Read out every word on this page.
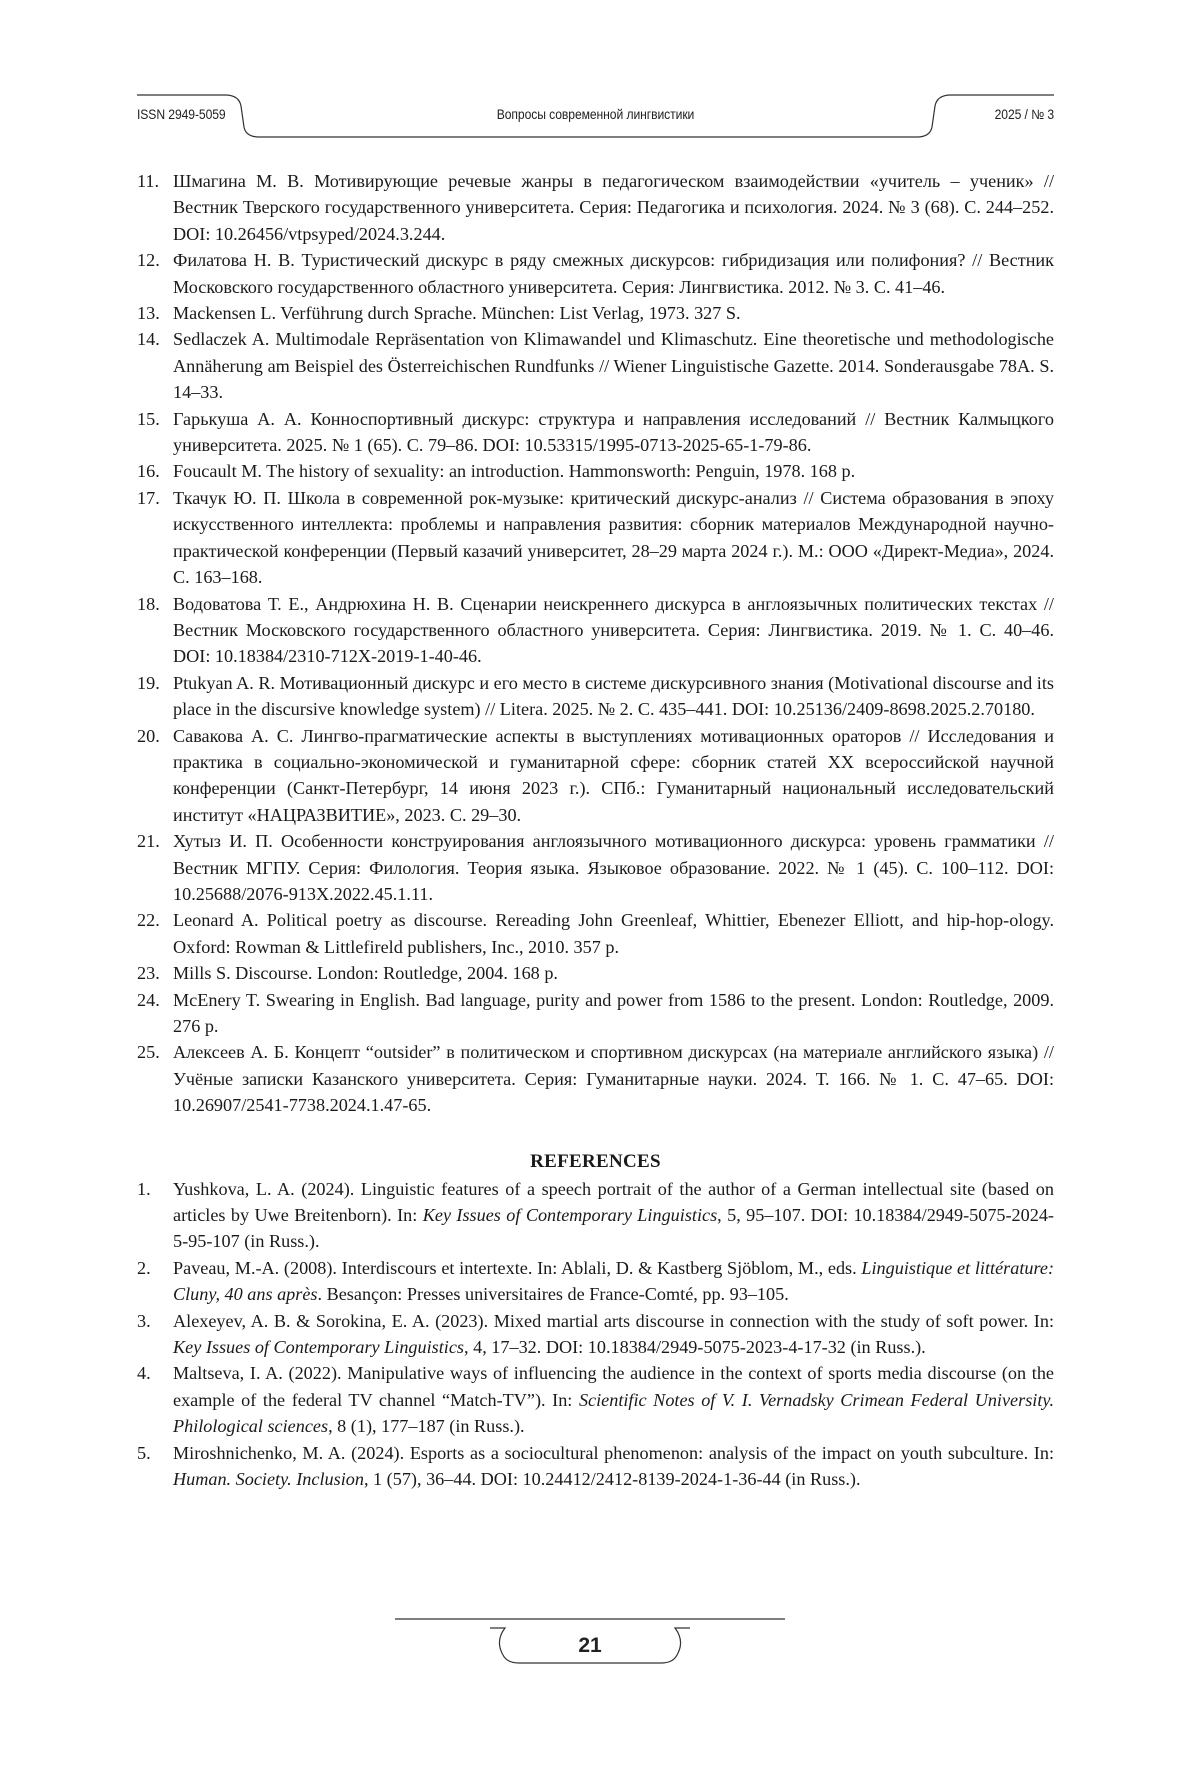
ISSN 2949-5059	Вопросы современной лингвистики	2025 / № 3
11. Шмагина М. В. Мотивирующие речевые жанры в педагогическом взаимодействии «учитель – ученик» // Вестник Тверского государственного университета. Серия: Педагогика и психология. 2024. № 3 (68). С. 244–252. DOI: 10.26456/vtpsyped/2024.3.244.
12. Филатова Н. В. Туристический дискурс в ряду смежных дискурсов: гибридизация или полифония? // Вестник Московского государственного областного университета. Серия: Лингвистика. 2012. № 3. С. 41–46.
13. Mackensen L. Verführung durch Sprache. München: List Verlag, 1973. 327 S.
14. Sedlaczek A. Multimodale Repräsentation von Klimawandel und Klimaschutz. Eine theoretische und methodologische Annäherung am Beispiel des Österreichischen Rundfunks // Wiener Linguistische Gazette. 2014. Sonderausgabe 78A. S. 14–33.
15. Гарькуша А. А. Конноспортивный дискурс: структура и направления исследований // Вестник Калмыцкого университета. 2025. № 1 (65). С. 79–86. DOI: 10.53315/1995-0713-2025-65-1-79-86.
16. Foucault M. The history of sexuality: an introduction. Hammonsworth: Penguin, 1978. 168 p.
17. Ткачук Ю. П. Школа в современной рок-музыке: критический дискурс-анализ // Система образования в эпоху искусственного интеллекта: проблемы и направления развития: сборник материалов Международной научно-практической конференции (Первый казачий университет, 28–29 марта 2024 г.). М.: ООО «Директ-Медиа», 2024. С. 163–168.
18. Водоватова Т. Е., Андрюхина Н. В. Сценарии неискреннего дискурса в англоязычных политических текстах // Вестник Московского государственного областного университета. Серия: Лингвистика. 2019. № 1. С. 40–46. DOI: 10.18384/2310-712X-2019-1-40-46.
19. Ptukyan A. R. Мотивационный дискурс и его место в системе дискурсивного знания (Motivational discourse and its place in the discursive knowledge system) // Litera. 2025. № 2. С. 435–441. DOI: 10.25136/2409-8698.2025.2.70180.
20. Савакова А. С. Лингво-прагматические аспекты в выступлениях мотивационных ораторов // Исследования и практика в социально-экономической и гуманитарной сфере: сборник статей XX всероссийской научной конференции (Санкт-Петербург, 14 июня 2023 г.). СПб.: Гуманитарный национальный исследовательский институт «НАЦРАЗВИТИЕ», 2023. С. 29–30.
21. Хутыз И. П. Особенности конструирования англоязычного мотивационного дискурса: уровень грамматики // Вестник МГПУ. Серия: Филология. Теория языка. Языковое образование. 2022. № 1 (45). С. 100–112. DOI: 10.25688/2076-913X.2022.45.1.11.
22. Leonard A. Political poetry as discourse. Rereading John Greenleaf, Whittier, Ebenezer Elliott, and hip-hop-ology. Oxford: Rowman & Littlefireld publishers, Inc., 2010. 357 p.
23. Mills S. Discourse. London: Routledge, 2004. 168 p.
24. McEnery T. Swearing in English. Bad language, purity and power from 1586 to the present. London: Routledge, 2009. 276 p.
25. Алексеев А. Б. Концепт “outsider” в политическом и спортивном дискурсах (на материале английского языка) // Учёные записки Казанского университета. Серия: Гуманитарные науки. 2024. Т. 166. № 1. С. 47–65. DOI: 10.26907/2541-7738.2024.1.47-65.
REFERENCES
1. Yushkova, L. A. (2024). Linguistic features of a speech portrait of the author of a German intellectual site (based on articles by Uwe Breitenborn). In: Key Issues of Contemporary Linguistics, 5, 95–107. DOI: 10.18384/2949-5075-2024-5-95-107 (in Russ.).
2. Paveau, M.-A. (2008). Interdiscours et intertexte. In: Ablali, D. & Kastberg Sjöblom, M., eds. Linguistique et littérature: Cluny, 40 ans après. Besançon: Presses universitaires de France-Comté, pp. 93–105.
3. Alexeyev, A. B. & Sorokina, E. A. (2023). Mixed martial arts discourse in connection with the study of soft power. In: Key Issues of Contemporary Linguistics, 4, 17–32. DOI: 10.18384/2949-5075-2023-4-17-32 (in Russ.).
4. Maltseva, I. A. (2022). Manipulative ways of influencing the audience in the context of sports media discourse (on the example of the federal TV channel “Match-TV”). In: Scientific Notes of V. I. Vernadsky Crimean Federal University. Philological sciences, 8 (1), 177–187 (in Russ.).
5. Miroshnichenko, M. A. (2024). Esports as a sociocultural phenomenon: analysis of the impact on youth subculture. In: Human. Society. Inclusion, 1 (57), 36–44. DOI: 10.24412/2412-8139-2024-1-36-44 (in Russ.).
21
